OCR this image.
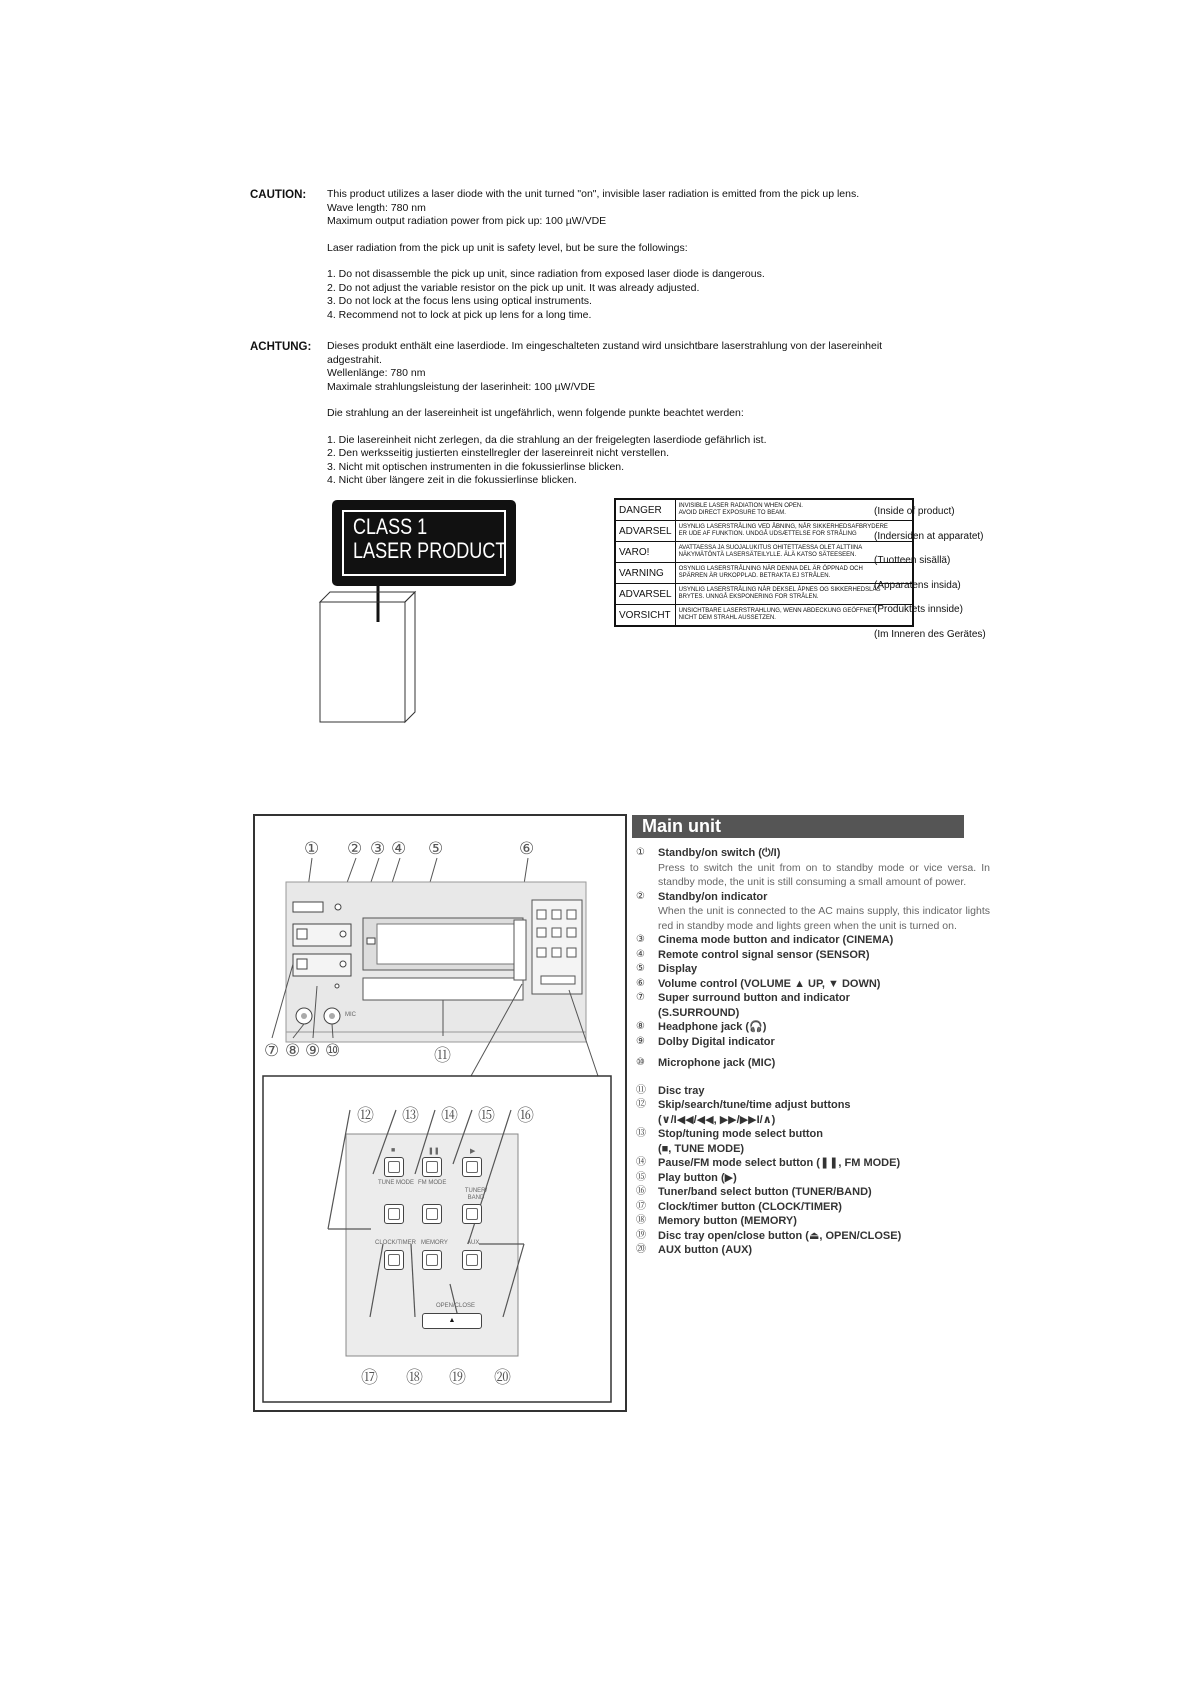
CAUTION: This product utilizes a laser diode with the unit turned "on", invisible laser radiation is emitted from the pick up lens.
Wave length: 780 nm
Maximum output radiation power from pick up: 100 µW/VDE
Laser radiation from the pick up unit is safety level, but be sure the followings:
1. Do not disassemble the pick up unit, since radiation from exposed laser diode is dangerous.
2. Do not adjust the variable resistor on the pick up unit. It was already adjusted.
3. Do not lock at the focus lens using optical instruments.
4. Recommend not to lock at pick up lens for a long time.
ACHTUNG: Dieses produkt enthält eine laserdiode. Im eingeschalteten zustand wird unsichtbare laserstrahlung von der lasereinheit
adgestrahit.
Wellenlänge: 780 nm
Maximale strahlungsleistung der laserinheit: 100 µW/VDE
Die strahlung an der lasereinheit ist ungefährlich, wenn folgende punkte beachtet werden:
1. Die lasereinheit nicht zerlegen, da die strahlung an der freigelegten laserdiode gefährlich ist.
2. Den werksseitig justierten einstellregler der lasereinreit nicht verstellen.
3. Nicht mit optischen instrumenten in die fokussierlinse blicken.
4. Nicht über längere zeit in die fokussierlinse blicken.
CLASS 1
LASER PRODUCT
DANGER	INVISIBLE LASER RADIATION WHEN OPEN.
AVOID DIRECT EXPOSURE TO BEAM.

ADVARSEL	USYNLIG LASERSTRÅLING VED ÅBNING, NÅR SIKKERHEDSAFBRYDERE
ER UDE AF FUNKTION. UNDGÅ UDSÆTTELSE FOR STRÅLING

VARO!	AVATTAESSA JA SUOJALUKITUS OHITETTAESSA OLET ALTTIINA
NÄKYMÄTÖNTÄ LASERSÄTEILYLLE. ÄLÄ KATSO SÄTEESEEN.

VARNING	OSYNLIG LASERSTRÅLNING NÄR DENNA DEL ÄR ÖPPNAD OCH
SPÄRREN ÄR URKOPPLAD. BETRAKTA EJ STRÅLEN.

ADVARSEL	USYNLIG LASERSTRÅLING NÅR DEKSEL ÅPNES OG SIKKERHEDSLÅS
BRYTES. UNNGÅ EKSPONERING FOR STRÅLEN.

VORSICHT	UNSICHTBARE LASERSTRAHLUNG, WENN ABDECKUNG GEÖFFNET.
NICHT DEM STRAHL AUSSETZEN.
(Inside of product)
(Indersiden at apparatet)
(Tuotteen sisällä)
(Apparatens insida)
(Produktets innside)
(Im Inneren des Gerätes)
① ② ③ ④ ⑤	⑥
⑦ ⑧ ⑨ ⑩	⑪
MIC
⑫ ⑬ ⑭ ⑮ ⑯
⑰ ⑱ ⑲ ⑳
■	❚❚	▶
TUNE MODE FM MODE
TUNER/ BAND
CLOCK/TIMER MEMORY	AUX
OPEN/CLOSE
▲
Main unit
①	Standby/on switch (⏻/I)
Press to switch the unit from on to standby mode or vice versa. In standby mode, the unit is still consuming a small amount of power.
②	Standby/on indicator
When the unit is connected to the AC mains supply, this indicator lights red in standby mode and lights green when the unit is turned on.
③	Cinema mode button and indicator (CINEMA)
④	Remote control signal sensor (SENSOR)
⑤	Display
⑥	Volume control (VOLUME ▲ UP, ▼ DOWN)
⑦	Super surround button and indicator
(S.SURROUND)
⑧	Headphone jack (🎧)
⑨	Dolby Digital indicator
⑩	Microphone jack (MIC)
⑪	Disc tray
⑫	Skip/search/tune/time adjust buttons
(∨/I◀◀/◀◀, ▶▶/▶▶I/∧)
⑬	Stop/tuning mode select button
(■, TUNE MODE)
⑭	Pause/FM mode select button (❚❚, FM MODE)
⑮	Play button (▶)
⑯	Tuner/band select button (TUNER/BAND)
⑰	Clock/timer button (CLOCK/TIMER)
⑱	Memory button (MEMORY)
⑲	Disc tray open/close button (⏏, OPEN/CLOSE)
⑳	AUX button (AUX)
